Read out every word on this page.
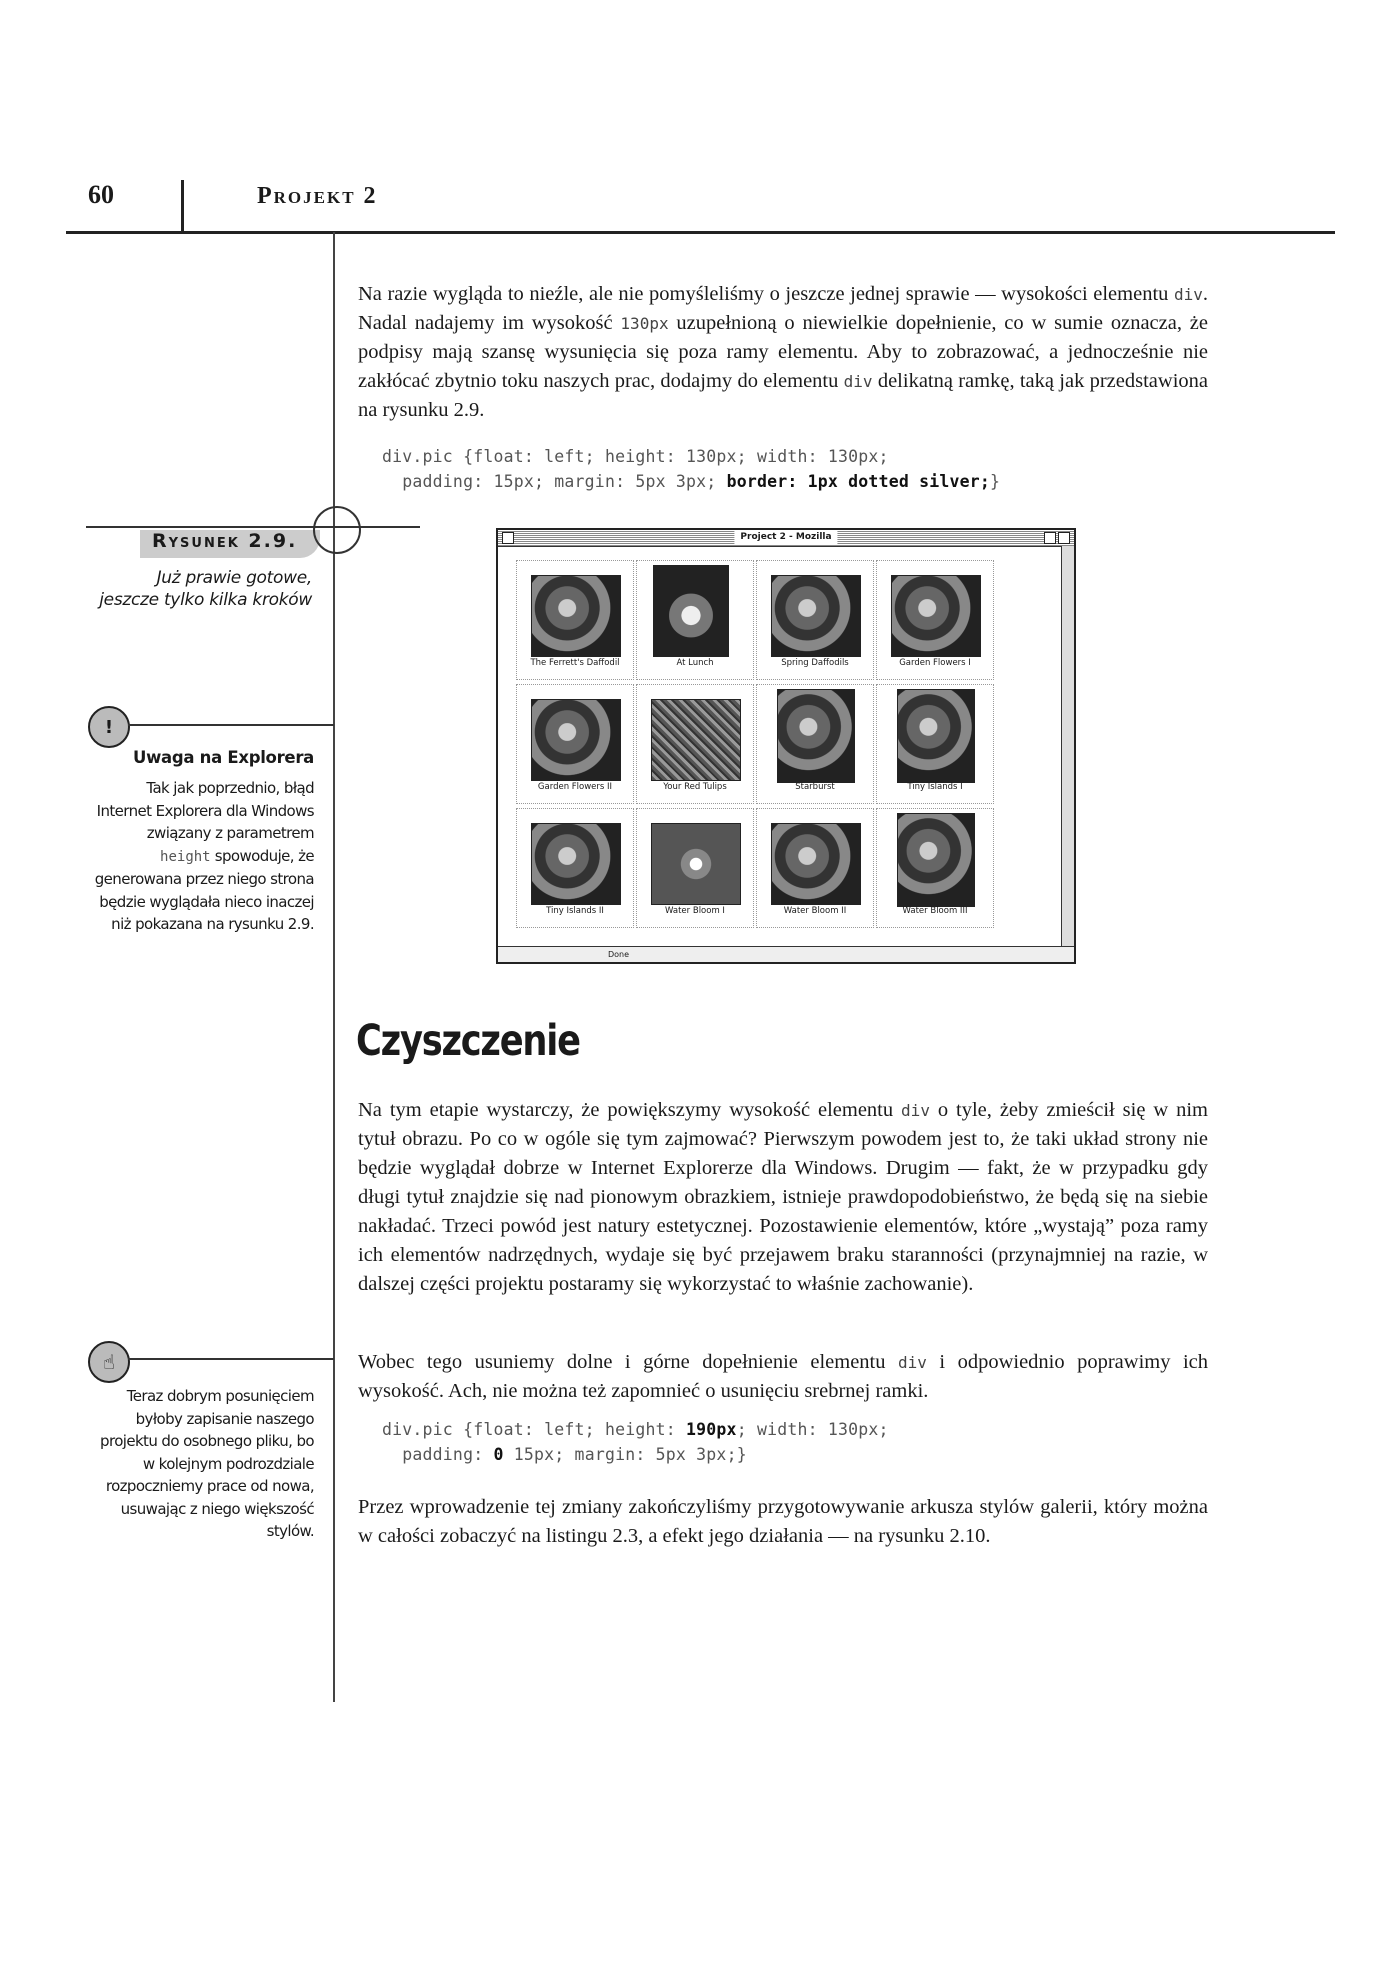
60	Projekt 2

Na razie wygląda to nieźle, ale nie pomyśleliśmy o jeszcze jednej sprawie — wysokości elementu div. Nadal nadajemy im wysokość 130px uzupełnioną o niewielkie dopełnienie, co w sumie oznacza, że podpisy mają szansę wysunięcia się poza ramy elementu. Aby to zobrazować, a jednocześnie nie zakłócać zbytnio toku naszych prac, dodajmy do elementu div delikatną ramkę, taką jak przedstawiona na rysunku 2.9.

div.pic {float: left; height: 130px; width: 130px;
padding: 15px; margin: 5px 3px; border: 1px dotted silver;}
Rysunek 2.9.
Już prawie gotowe,
jeszcze tylko kilka kroków
Project 2 - Mozilla
The Ferrett's Daffodil	At Lunch	Spring Daffodils	Garden Flowers I
Garden Flowers II	Your Red Tulips	Starburst	Tiny Islands I
Tiny Islands II	Water Bloom I	Water Bloom II	Water Bloom III
Done
!
Uwaga na Explorera
Tak jak poprzednio, błąd Internet Explorera dla Windows związany z parametrem height spowoduje, że generowana przez niego strona będzie wyglądała nieco inaczej niż pokazana na rysunku 2.9.
Czyszczenie

Na tym etapie wystarczy, że powiększymy wysokość elementu div o tyle, żeby zmieścił się w nim tytuł obrazu. Po co w ogóle się tym zajmować? Pierwszym powodem jest to, że taki układ strony nie będzie wyglądał dobrze w Internet Explorerze dla Windows. Drugim — fakt, że w przypadku gdy długi tytuł znajdzie się nad pionowym obrazkiem, istnieje prawdopodobieństwo, że będą się na siebie nakładać. Trzeci powód jest natury estetycznej. Pozostawienie elementów, które „wystają” poza ramy ich elementów nadrzędnych, wydaje się być przejawem braku staranności (przynajmniej na razie, w dalszej części projektu postaramy się wykorzystać to właśnie zachowanie).

Wobec tego usuniemy dolne i górne dopełnienie elementu div i odpowiednio poprawimy ich wysokość. Ach, nie można też zapomnieć o usunięciu srebrnej ramki.

div.pic {float: left; height: 190px; width: 130px;
padding: 0 15px; margin: 5px 3px;}

Przez wprowadzenie tej zmiany zakończyliśmy przygotowywanie arkusza stylów galerii, który można w całości zobaczyć na listingu 2.3, a efekt jego działania — na rysunku 2.10.

☝
Teraz dobrym posunięciem byłoby zapisanie naszego projektu do osobnego pliku, bo w kolejnym podrozdziale rozpoczniemy prace od nowa, usuwając z niego większość stylów.
